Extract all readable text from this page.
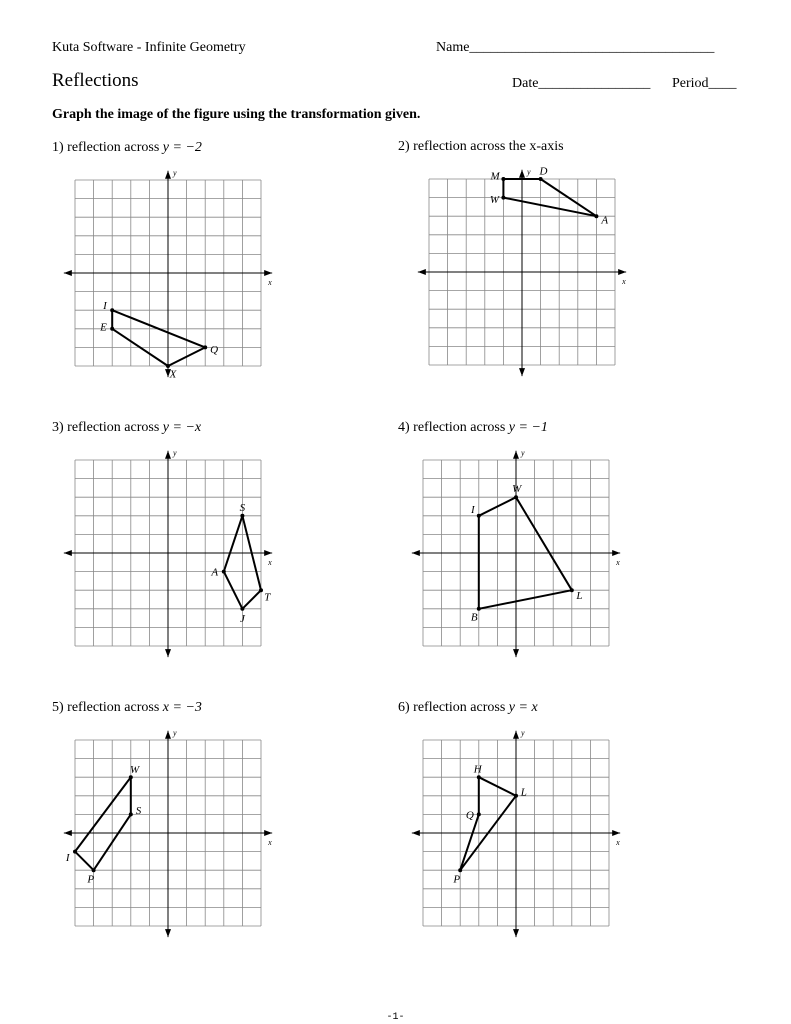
Kuta Software - Infinite Geometry	Name___________________________________
Reflections	Date________________ Period____
Graph the image of the figure using the transformation given.
1) reflection across y = −2	2) reflection across the x-axis
3) reflection across y = −x	4) reflection across y = −1
5) reflection across x = −3	6) reflection across y = x
x
y
I
Q
X
E
x
y
M	D
A
W
x
y
S
T
J
A
x
y
W
L
B
I
x
y
W
S
P
I
x
y
H
L
P
Q
-1-
